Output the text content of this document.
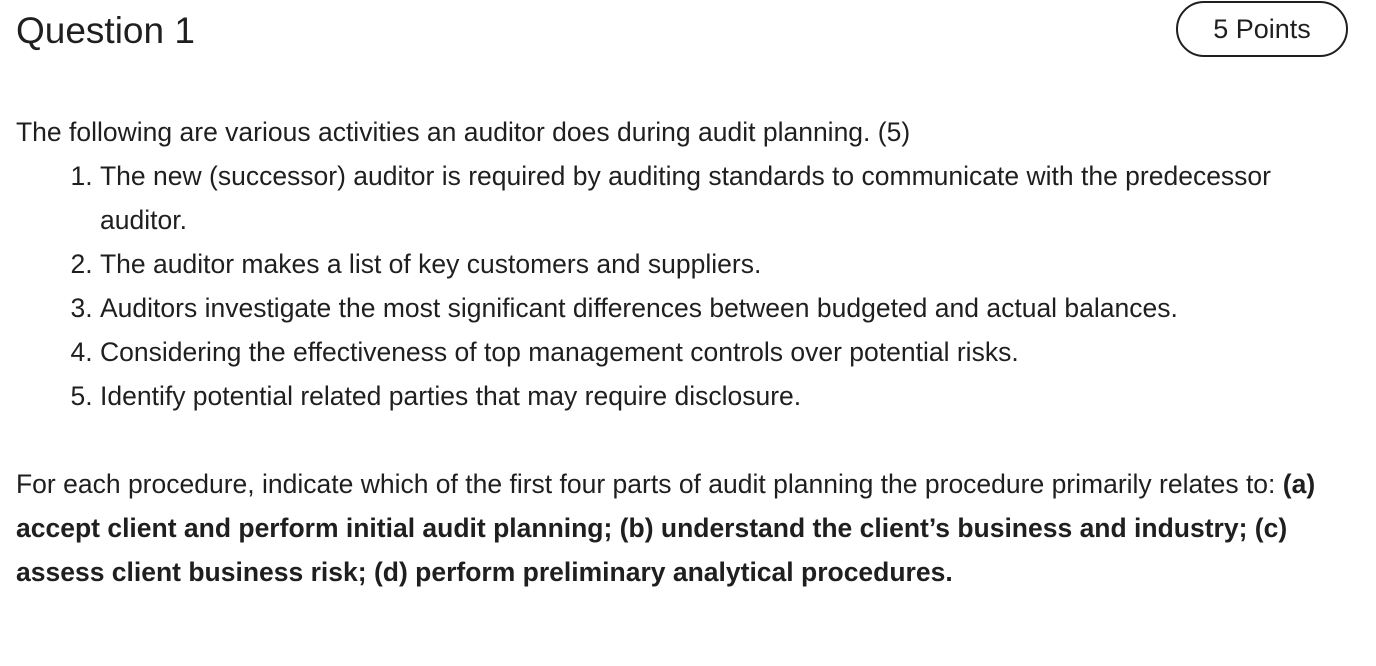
Question 1	5 Points

The following are various activities an auditor does during audit planning. (5)

1. The new (successor) auditor is required by auditing standards to communicate with the predecessor auditor.
2. The auditor makes a list of key customers and suppliers.
3. Auditors investigate the most significant differences between budgeted and actual balances.
4. Considering the effectiveness of top management controls over potential risks.
5. Identify potential related parties that may require disclosure.

For each procedure, indicate which of the first four parts of audit planning the procedure primarily relates to: (a) accept client and perform initial audit planning; (b) understand the client’s business and industry; (c) assess client business risk; (d) perform preliminary analytical procedures.
